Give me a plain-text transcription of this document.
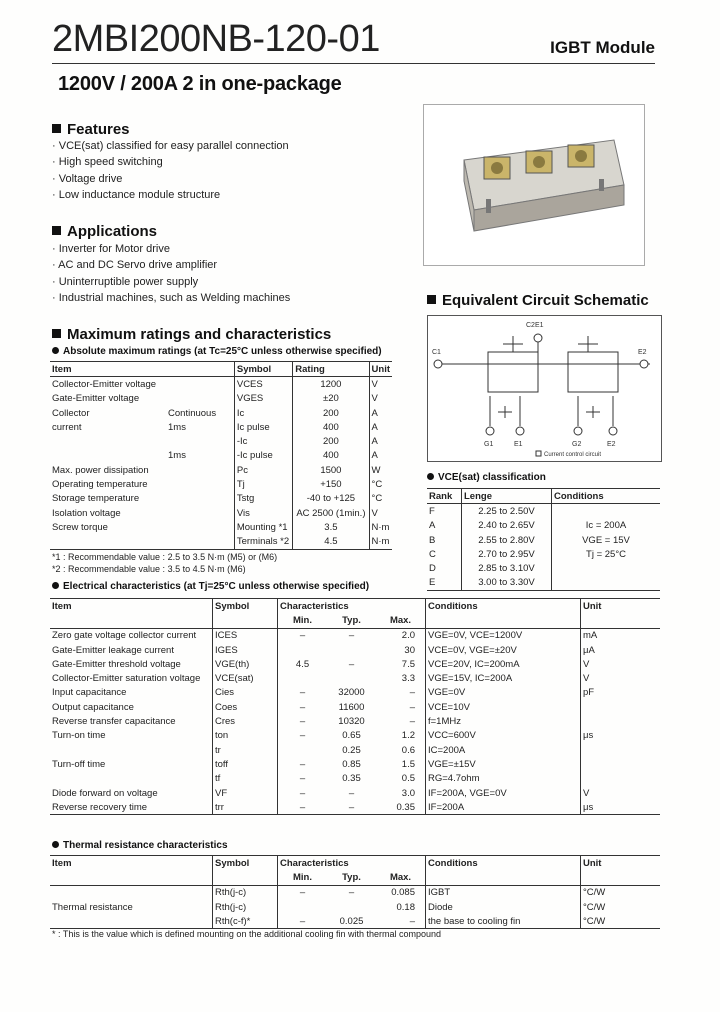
2MBI200NB-120-01	IGBT Module
1200V / 200A 2 in one-package
Features
· VCE(sat) classified for easy parallel connection
· High speed switching
· Voltage drive
· Low inductance module structure
Applications
· Inverter for Motor drive
· AC and DC Servo drive amplifier
· Uninterruptible power supply
· Industrial machines, such as Welding machines	Equivalent Circuit Schematic
C2E1
C1	E2
G1	E1	G2	E2
Current control circuit
VCE(sat) classification
Rank	Lenge	Conditions
F	2.25 to 2.50V	
A	2.40 to 2.65V	Ic = 200A
B	2.55 to 2.80V	VGE = 15V
C	2.70 to 2.95V	Tj = 25°C
D	2.85 to 3.10V	
E	3.00 to 3.30V	
Maximum ratings and characteristics
Absolute maximum ratings (at Tc=25°C unless otherwise specified)
Item		Symbol	Rating	Unit
Collector-Emitter voltage		VCES	1200	V
Gate-Emitter voltage		VGES	±20	V
Collector	Continuous	Ic	200	A
current	1ms	Ic pulse	400	A
		-Ic	200	A
	1ms	-Ic pulse	400	A
Max. power dissipation		Pc	1500	W
Operating temperature		Tj	+150	°C
Storage temperature		Tstg	-40 to +125	°C
Isolation voltage		Vis	AC 2500 (1min.)	V
Screw torque		Mounting *1	3.5	N·m
		Terminals *2	4.5	N·m
*1 : Recommendable value : 2.5 to 3.5 N·m (M5) or (M6)
*2 : Recommendable value : 3.5 to 4.5 N·m (M6)
Electrical characteristics (at Tj=25°C unless otherwise specified)
Item	Symbol	Characteristics			Conditions	Unit
		Min.	Typ.	Max.		
Zero gate voltage collector current	ICES	–	–	2.0	VGE=0V, VCE=1200V	mA
Gate-Emitter leakage current	IGES			30	VCE=0V, VGE=±20V	μA
Gate-Emitter threshold voltage	VGE(th)	4.5	–	7.5	VCE=20V, IC=200mA	V
Collector-Emitter saturation voltage	VCE(sat)			3.3	VGE=15V, IC=200A	V
Input capacitance	Cies	–	32000	–	VGE=0V	pF
Output capacitance	Coes	–	11600	–	VCE=10V	
Reverse transfer capacitance	Cres	–	10320	–	f=1MHz	
Turn-on time	ton	–	0.65	1.2	VCC=600V	μs
	tr		0.25	0.6	IC=200A	
Turn-off time	toff	–	0.85	1.5	VGE=±15V	
	tf	–	0.35	0.5	RG=4.7ohm	
Diode forward on voltage	VF	–	–	3.0	IF=200A, VGE=0V	V
Reverse recovery time	trr	–	–	0.35	IF=200A	μs
Thermal resistance characteristics
Item	Symbol	Characteristics			Conditions	Unit
		Min.	Typ.	Max.		
	Rth(j-c)	–	–	0.085	IGBT	°C/W
Thermal resistance	Rth(j-c)			0.18	Diode	°C/W
	Rth(c-f)*	–	0.025	–	the base to cooling fin	°C/W
* : This is the value which is defined mounting on the additional cooling fin with thermal compound
